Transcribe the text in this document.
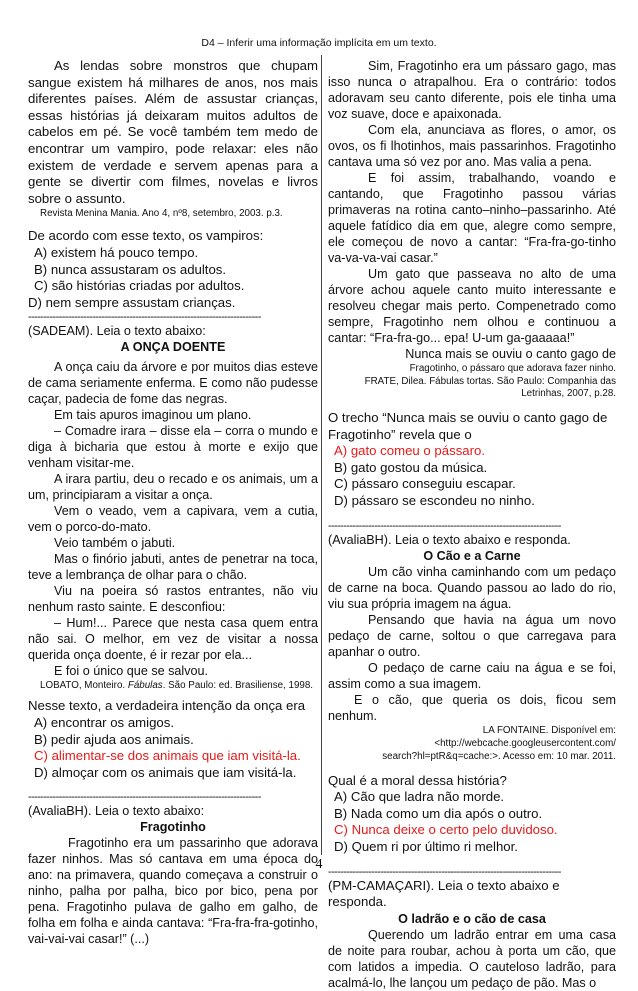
D4 – Inferir uma informação implícita em um texto.

As lendas sobre monstros que chupam sangue existem há milhares de anos, nos mais diferentes países. Além de assustar crianças, essas histórias já deixaram muitos adultos de cabelos em pé. Se você também tem medo de encontrar um vampiro, pode relaxar: eles não existem de verdade e servem apenas para a gente se divertir com filmes, novelas e livros sobre o assunto.

Revista Menina Mania. Ano 4, nº8, setembro, 2003. p.3.

De acordo com esse texto, os vampiros:

A) existem há pouco tempo.

B) nunca assustaram os adultos.

C) são histórias criadas por adultos.

D) nem sempre assustam crianças.

----------------------------------------------------------------------------

(SADEAM). Leia o texto abaixo:

A ONÇA DOENTE

A onça caiu da árvore e por muitos dias esteve de cama seriamente enferma. E como não pudesse caçar, padecia de fome das negras.

Em tais apuros imaginou um plano.

– Comadre irara – disse ela – corra o mundo e diga à bicharia que estou à morte e exijo que venham visitar-me.

A irara partiu, deu o recado e os animais, um a um, principiaram a visitar a onça.

Vem o veado, vem a capivara, vem a cutia, vem o porco-do-mato.

Veio também o jabuti.

Mas o finório jabuti, antes de penetrar na toca, teve a lembrança de olhar para o chão.

Viu na poeira só rastos entrantes, não viu nenhum rasto sainte. E desconfiou:

– Hum!... Parece que nesta casa quem entra não sai. O melhor, em vez de visitar a nossa querida onça doente, é ir rezar por ela...

E foi o único que se salvou.

LOBATO, Monteiro. Fábulas. São Paulo: ed. Brasiliense, 1998.

Nesse texto, a verdadeira intenção da onça era

A) encontrar os amigos.

B) pedir ajuda aos animais.

C) alimentar-se dos animais que iam visitá-la.

D) almoçar com os animais que iam visitá-la.

----------------------------------------------------------------------------

(AvaliaBH). Leia o texto abaixo:

Fragotinho

Fragotinho era um passarinho que adorava fazer ninhos. Mas só cantava em uma época do ano: na primavera, quando começava a construir o ninho, palha por palha, bico por bico, pena por pena. Fragotinho pulava de galho em galho, de folha em folha e ainda cantava: “Fra-fra-fra-gotinho, vai-vai-vai casar!” (...)

Sim, Fragotinho era um pássaro gago, mas isso nunca o atrapalhou. Era o contrário: todos adoravam seu canto diferente, pois ele tinha uma voz suave, doce e apaixonada.

Com ela, anunciava as flores, o amor, os ovos, os fi lhotinhos, mais passarinhos. Fragotinho cantava uma só vez por ano. Mas valia a pena.

E foi assim, trabalhando, voando e cantando, que Fragotinho passou várias primaveras na rotina canto–ninho–passarinho. Até aquele fatídico dia em que, alegre como sempre, ele começou de novo a cantar: “Fra-fra-go-tinho va-va-va-vai casar.”

Um gato que passeava no alto de uma árvore achou aquele canto muito interessante e resolveu chegar mais perto. Compenetrado como sempre, Fragotinho nem olhou e continuou a cantar: “Fra-fra-go... epa! U-um ga-gaaaaa!”

Nunca mais se ouviu o canto gago de

Fragotinho, o pássaro que adorava fazer ninho.

FRATE, Dilea. Fábulas tortas. São Paulo: Companhia das Letrinhas, 2007, p.28.

O trecho “Nunca mais se ouviu o canto gago de Fragotinho” revela que o

A) gato comeu o pássaro.

B) gato gostou da música.

C) pássaro conseguiu escapar.

D) pássaro se escondeu no ninho.

----------------------------------------------------------------------------

(AvaliaBH). Leia o texto abaixo e responda.

O Cão e a Carne

Um cão vinha caminhando com um pedaço de carne na boca. Quando passou ao lado do rio, viu sua própria imagem na água.

Pensando que havia na água um novo pedaço de carne, soltou o que carregava para apanhar o outro.

O pedaço de carne caiu na água e se foi, assim como a sua imagem.

E o cão, que queria os dois, ficou sem nenhum.

LA FONTAINE. Disponível em:

<http://webcache.googleusercontent.com/

search?hl=ptR&q=cache:>. Acesso em: 10 mar. 2011.

Qual é a moral dessa história?

A) Cão que ladra não morde.

B) Nada como um dia após o outro.

C) Nunca deixe o certo pelo duvidoso.

D) Quem ri por último ri melhor.

----------------------------------------------------------------------------

(PM-CAMAÇARI). Leia o texto abaixo e responda.

O ladrão e o cão de casa

Querendo um ladrão entrar em uma casa de noite para roubar, achou à porta um cão, que com latidos a impedia. O cauteloso ladrão, para acalmá-lo, lhe lançou um pedaço de pão. Mas o

4
